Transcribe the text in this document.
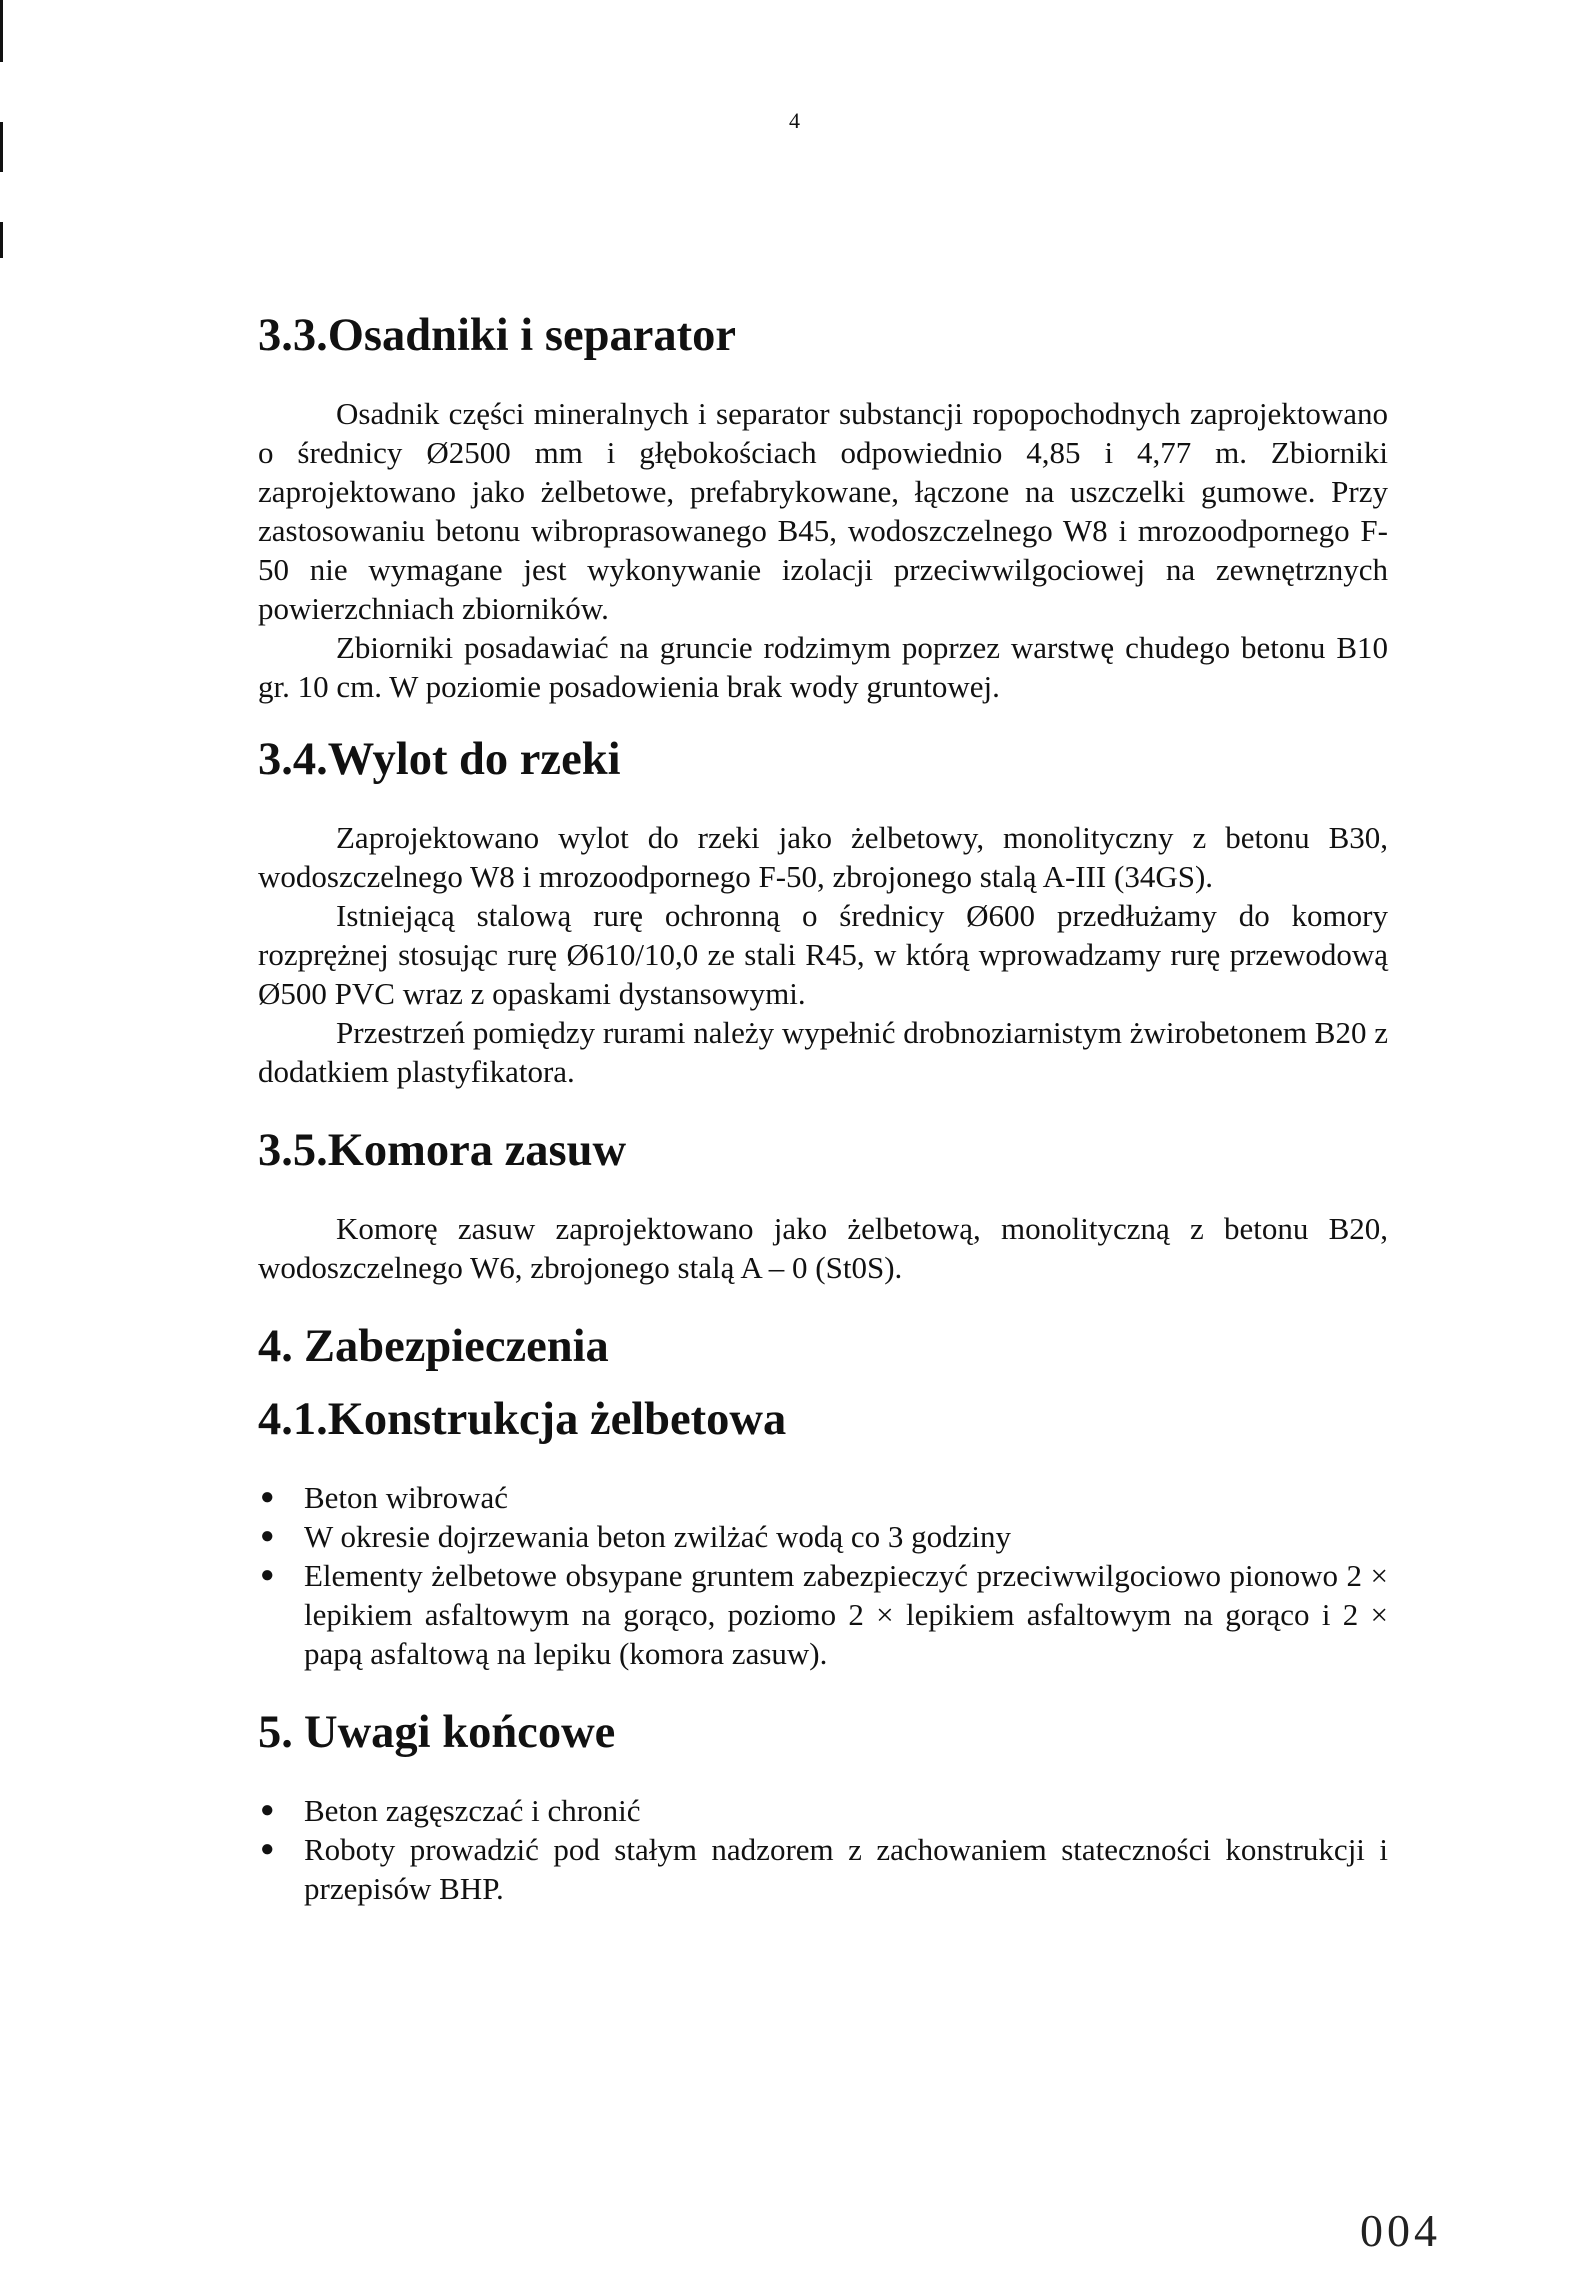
4
3.3.Osadniki i separator

Osadnik części mineralnych i separator substancji ropopochodnych zaprojektowano o średnicy Ø2500 mm i głębokościach odpowiednio 4,85 i 4,77 m. Zbiorniki zaprojektowano jako żelbetowe, prefabrykowane, łączone na uszczelki gumowe. Przy zastosowaniu betonu wibroprasowanego B45, wodoszczelnego W8 i mrozoodpornego F-50 nie wymagane jest wykonywanie izolacji przeciwwilgociowej na zewnętrznych powierzchniach zbiorników.

Zbiorniki posadawiać na gruncie rodzimym poprzez warstwę chudego betonu B10 gr. 10 cm. W poziomie posadowienia brak wody gruntowej.

3.4.Wylot do rzeki

Zaprojektowano wylot do rzeki jako żelbetowy, monolityczny z betonu B30, wodoszczelnego W8 i mrozoodpornego F-50, zbrojonego stalą A-III (34GS).

Istniejącą stalową rurę ochronną o średnicy Ø600 przedłużamy do komory rozprężnej stosując rurę Ø610/10,0 ze stali R45, w którą wprowadzamy rurę przewodową Ø500 PVC wraz z opaskami dystansowymi.

Przestrzeń pomiędzy rurami należy wypełnić drobnoziarnistym żwirobetonem B20 z dodatkiem plastyfikatora.

3.5.Komora zasuw

Komorę zasuw zaprojektowano jako żelbetową, monolityczną z betonu B20, wodoszczelnego W6, zbrojonego stalą A – 0 (St0S).

4. Zabezpieczenia
4.1.Konstrukcja żelbetowa
● Beton wibrować
● W okresie dojrzewania beton zwilżać wodą co 3 godziny
● Elementy żelbetowe obsypane gruntem zabezpieczyć przeciwwilgociowo pionowo 2 × lepikiem asfaltowym na gorąco, poziomo 2 × lepikiem asfaltowym na gorąco i 2 × papą asfaltową na lepiku (komora zasuw).
5. Uwagi końcowe
● Beton zagęszczać i chronić
● Roboty prowadzić pod stałym nadzorem z zachowaniem stateczności konstrukcji i przepisów BHP.
004
